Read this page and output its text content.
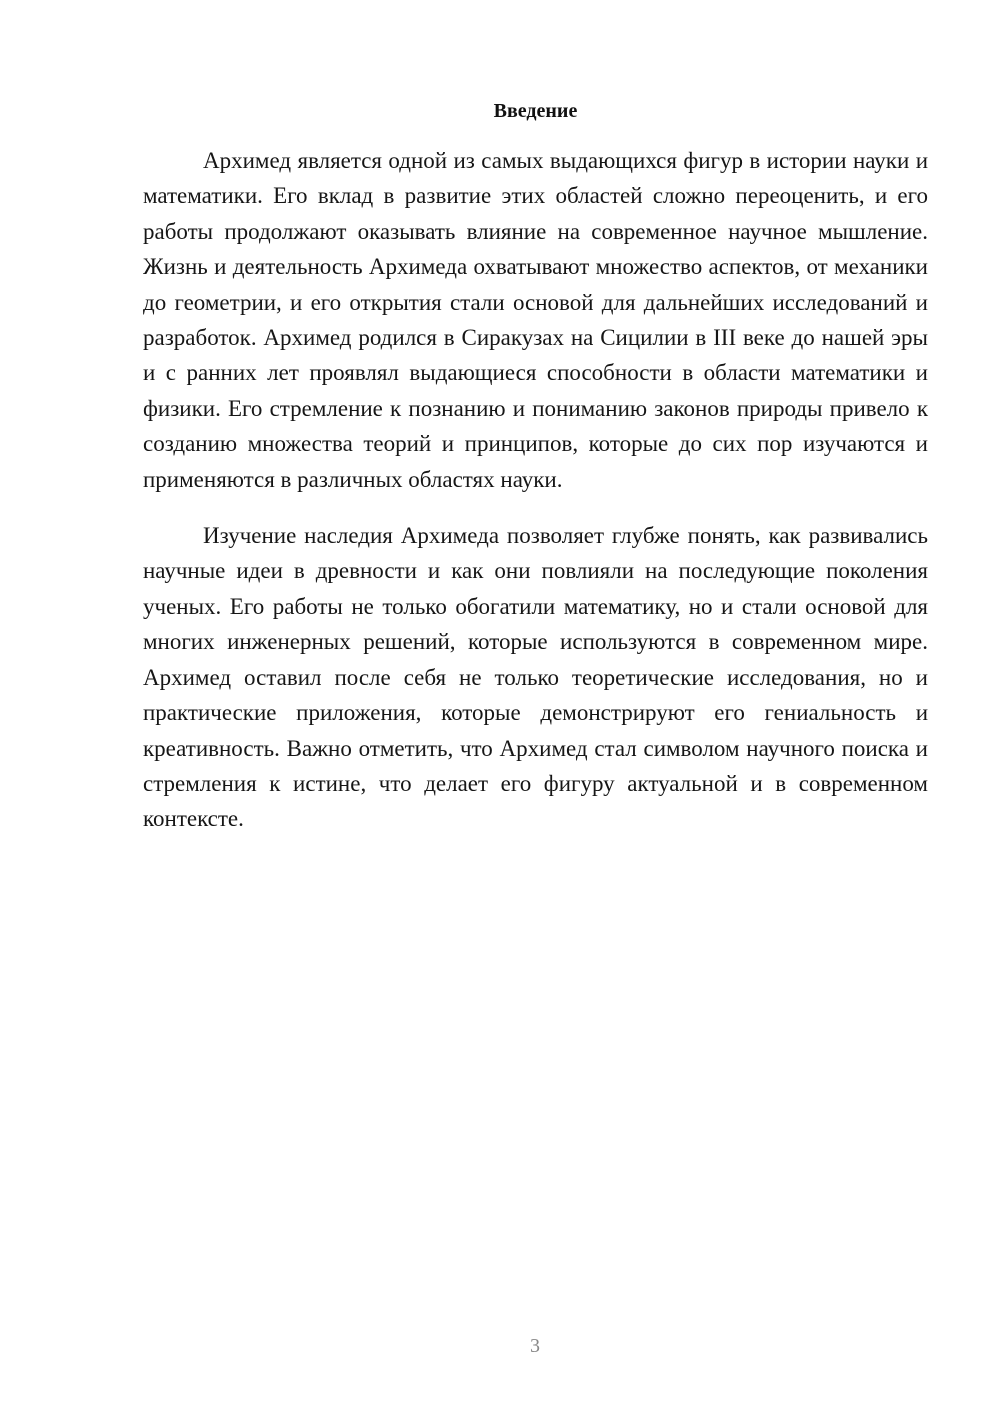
Введение

Архимед является одной из самых выдающихся фигур в истории науки и математики. Его вклад в развитие этих областей сложно переоценить, и его работы продолжают оказывать влияние на современное научное мышление. Жизнь и деятельность Архимеда охватывают множество аспектов, от механики до геометрии, и его открытия стали основой для дальнейших исследований и разработок. Архимед родился в Сиракузах на Сицилии в III веке до нашей эры и с ранних лет проявлял выдающиеся способности в области математики и физики. Его стремление к познанию и пониманию законов природы привело к созданию множества теорий и принципов, которые до сих пор изучаются и применяются в различных областях науки.

Изучение наследия Архимеда позволяет глубже понять, как развивались научные идеи в древности и как они повлияли на последующие поколения ученых. Его работы не только обогатили математику, но и стали основой для многих инженерных решений, которые используются в современном мире. Архимед оставил после себя не только теоретические исследования, но и практические приложения, которые демонстрируют его гениальность и креативность. Важно отметить, что Архимед стал символом научного поиска и стремления к истине, что делает его фигуру актуальной и в современном контексте.

3
